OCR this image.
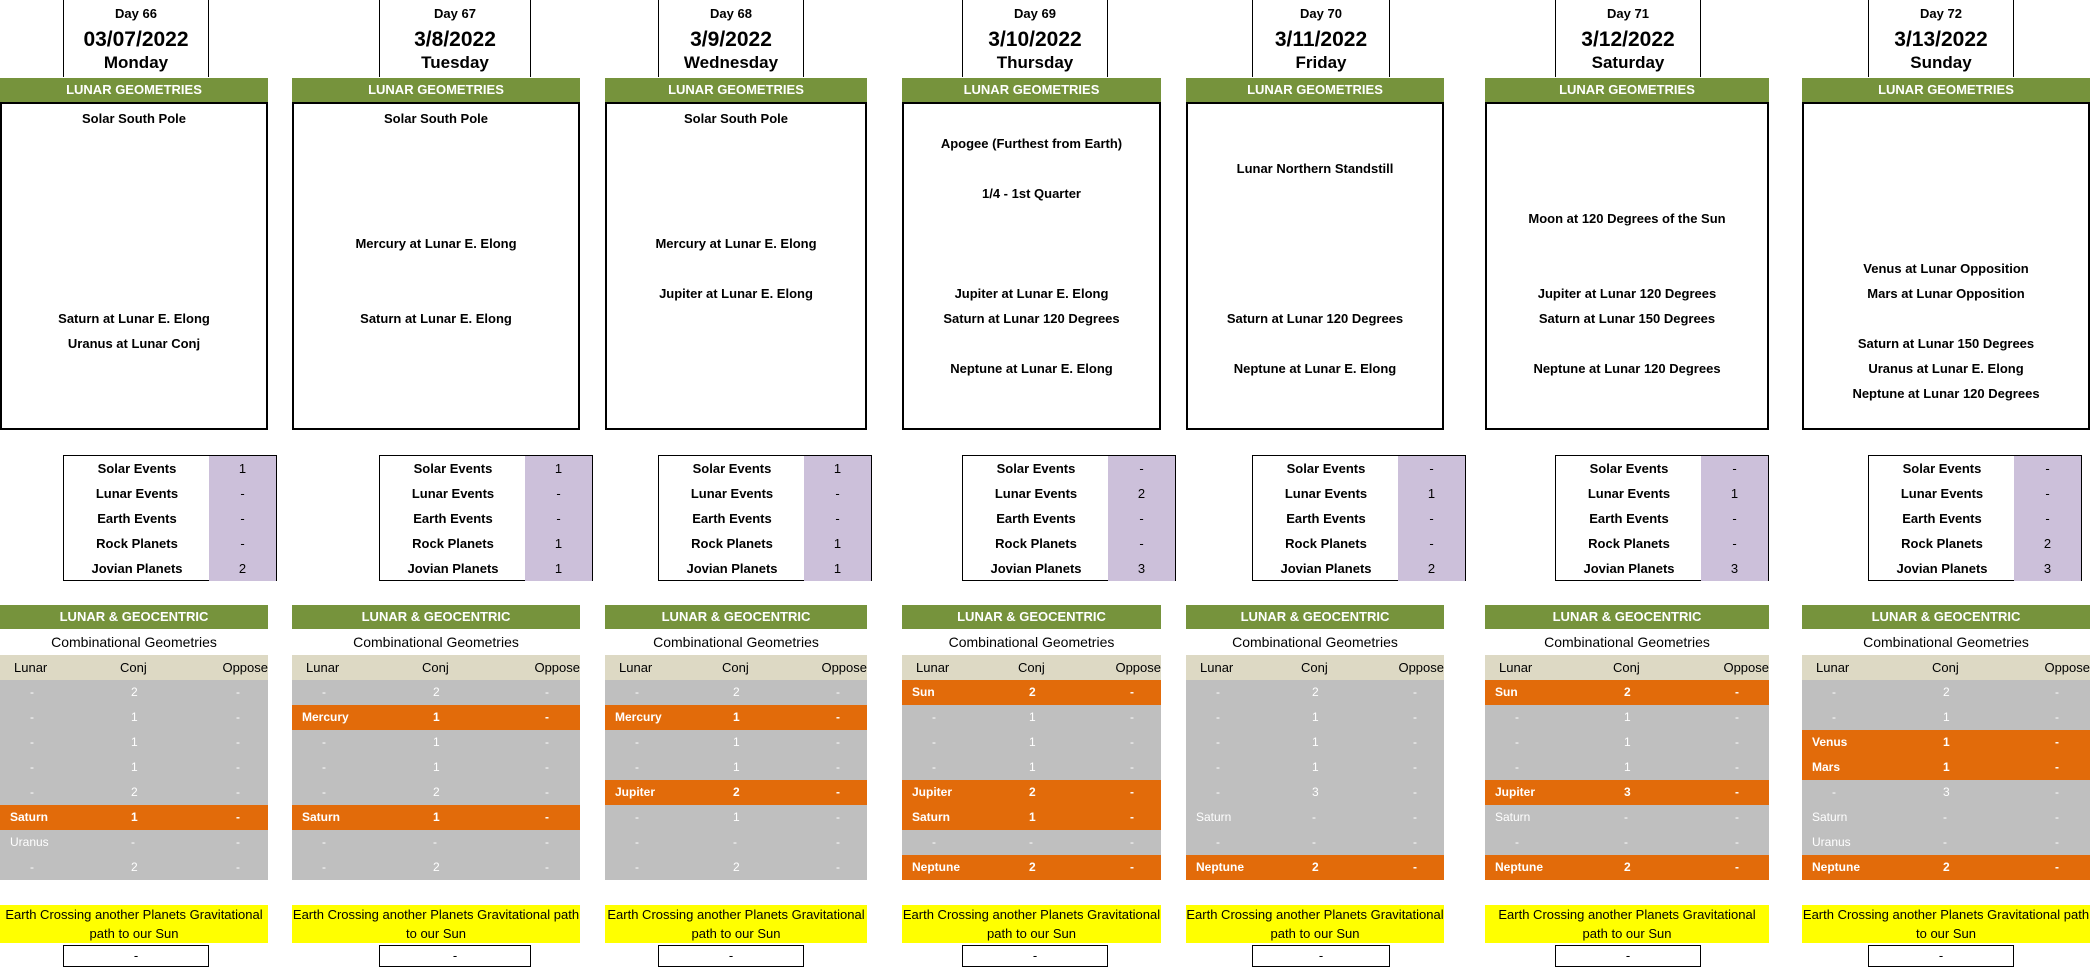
Day 66
03/07/2022
Monday
LUNAR GEOMETRIES
Solar South Pole
Saturn at Lunar E. Elong
Uranus at Lunar Conj
Solar Events	1
Lunar Events	-
Earth Events	-
Rock Planets	-
Jovian Planets	2
LUNAR & GEOCENTRIC
Combinational Geometries
Lunar	Conj	Oppose
-	2	-
-	1	-
-	1	-
-	1	-
-	2	-
Saturn	1	-
Uranus	-	-
-	2	-
Earth Crossing another Planets Gravitational path to our Sun
-
Day 67
3/8/2022
Tuesday
LUNAR GEOMETRIES
Solar South Pole
Mercury at Lunar E. Elong
Saturn at Lunar E. Elong
Solar Events	1
Lunar Events	-
Earth Events	-
Rock Planets	1
Jovian Planets	1
LUNAR & GEOCENTRIC
Combinational Geometries
Lunar	Conj	Oppose
-	2	-
Mercury	1	-
-	1	-
-	1	-
-	2	-
Saturn	1	-
-	-	-
-	2	-
Earth Crossing another Planets Gravitational path to our Sun
-
Day 68
3/9/2022
Wednesday
LUNAR GEOMETRIES
Solar South Pole
Mercury at Lunar E. Elong
Jupiter at Lunar E. Elong
Solar Events	1
Lunar Events	-
Earth Events	-
Rock Planets	1
Jovian Planets	1
LUNAR & GEOCENTRIC
Combinational Geometries
Lunar	Conj	Oppose
-	2	-
Mercury	1	-
-	1	-
-	1	-
Jupiter	2	-
-	1	-
-	-	-
-	2	-
Earth Crossing another Planets Gravitational path to our Sun
-
Day 69
3/10/2022
Thursday
LUNAR GEOMETRIES
Apogee (Furthest from Earth)
1/4 - 1st Quarter
Jupiter at Lunar E. Elong
Saturn at Lunar 120 Degrees
Neptune at Lunar E. Elong
Solar Events	-
Lunar Events	2
Earth Events	-
Rock Planets	-
Jovian Planets	3
LUNAR & GEOCENTRIC
Combinational Geometries
Lunar	Conj	Oppose
Sun	2	-
-	1	-
-	1	-
-	1	-
Jupiter	2	-
Saturn	1	-
-	-	-
Neptune	2	-
Earth Crossing another Planets Gravitational path to our Sun
-
Day 70
3/11/2022
Friday
LUNAR GEOMETRIES
Lunar Northern Standstill
Saturn at Lunar 120 Degrees
Neptune at Lunar E. Elong
Solar Events	-
Lunar Events	1
Earth Events	-
Rock Planets	-
Jovian Planets	2
LUNAR & GEOCENTRIC
Combinational Geometries
Lunar	Conj	Oppose
-	2	-
-	1	-
-	1	-
-	1	-
-	3	-
Saturn	-	-
-	-	-
Neptune	2	-
Earth Crossing another Planets Gravitational path to our Sun
-
Day 71
3/12/2022
Saturday
LUNAR GEOMETRIES
Moon at 120 Degrees of the Sun
Jupiter at Lunar 120 Degrees
Saturn at Lunar 150 Degrees
Neptune at Lunar 120 Degrees
Solar Events	-
Lunar Events	1
Earth Events	-
Rock Planets	-
Jovian Planets	3
LUNAR & GEOCENTRIC
Combinational Geometries
Lunar	Conj	Oppose
Sun	2	-
-	1	-
-	1	-
-	1	-
Jupiter	3	-
Saturn	-	-
-	-	-
Neptune	2	-
Earth Crossing another Planets Gravitational path to our Sun
-
Day 72
3/13/2022
Sunday
LUNAR GEOMETRIES
Venus at Lunar Opposition
Mars at Lunar Opposition
Saturn at Lunar 150 Degrees
Uranus at Lunar E. Elong
Neptune at Lunar 120 Degrees
Solar Events	-
Lunar Events	-
Earth Events	-
Rock Planets	2
Jovian Planets	3
LUNAR & GEOCENTRIC
Combinational Geometries
Lunar	Conj	Oppose
-	2	-
-	1	-
Venus	1	-
Mars	1	-
-	3	-
Saturn	-	-
Uranus	-	-
Neptune	2	-
Earth Crossing another Planets Gravitational path to our Sun
-
